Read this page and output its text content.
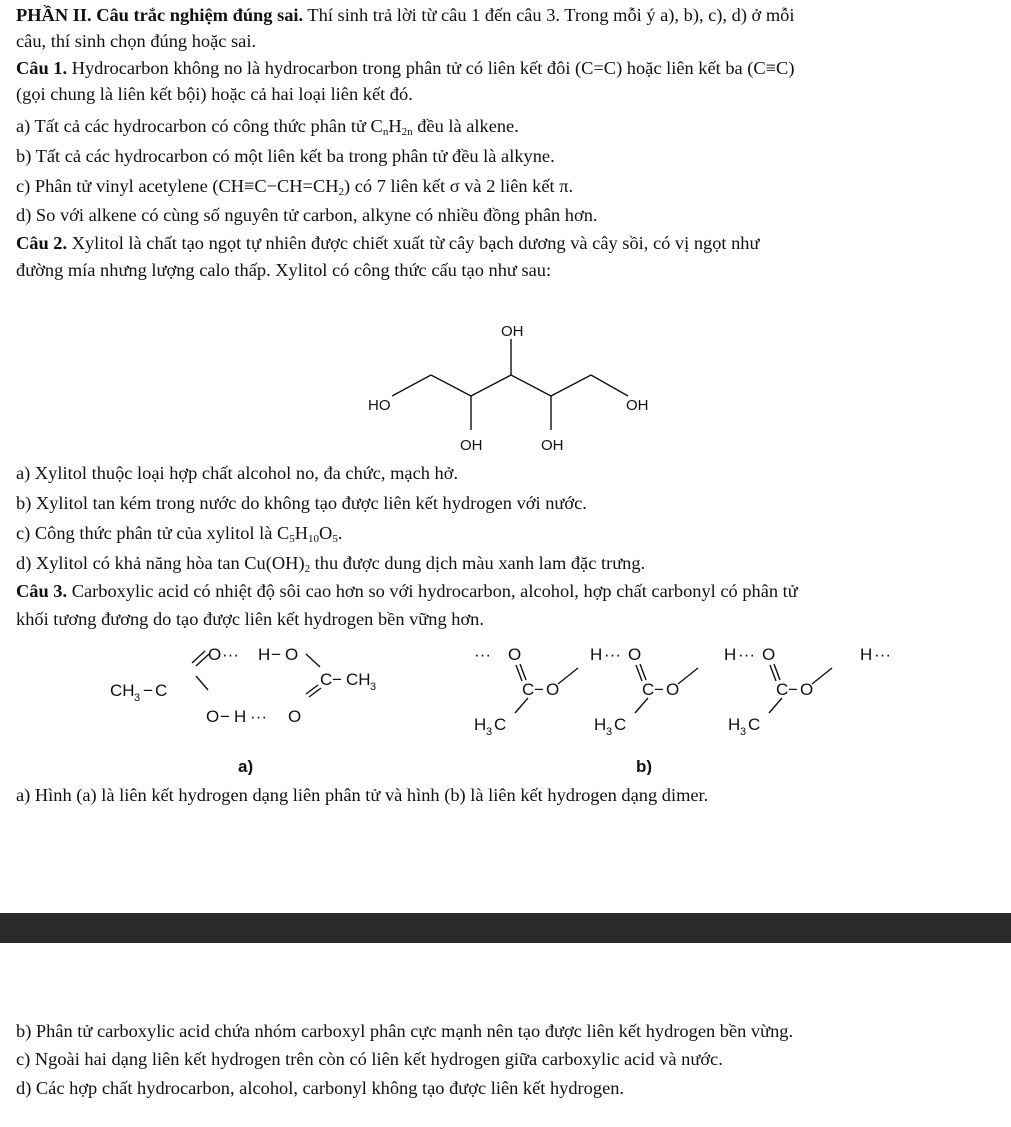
PHẦN II. Câu trắc nghiệm đúng sai. Thí sinh trả lời từ câu 1 đến câu 3. Trong mỗi ý a), b), c), d) ở mỗi
câu, thí sinh chọn đúng hoặc sai.
Câu 1. Hydrocarbon không no là hydrocarbon trong phân tử có liên kết đôi (C=C) hoặc liên kết ba (C≡C)
(gọi chung là liên kết bội) hoặc cả hai loại liên kết đó.
a) Tất cả các hydrocarbon có công thức phân tử $C_nH_{2n}$ đều là alkene.
b) Tất cả các hydrocarbon có một liên kết ba trong phân tử đều là alkyne.
c) Phân tử vinyl acetylene $(CH\equiv C-CH=CH_2)$ có 7 liên kết σ và 2 liên kết π.
d) So với alkene có cùng số nguyên tử carbon, alkyne có nhiều đồng phân hơn.
Câu 2. Xylitol là chất tạo ngọt tự nhiên được chiết xuất từ cây bạch dương và cây sồi, có vị ngọt như
đường mía nhưng lượng calo thấp. Xylitol có công thức cấu tạo như sau:
OH
HO	OH
OH	OH
a) Xylitol thuộc loại hợp chất alcohol no, đa chức, mạch hở.
b) Xylitol tan kém trong nước do không tạo được liên kết hydrogen với nước.
c) Công thức phân tử của xylitol là $C_5H_{10}O_5$.
d) Xylitol có khả năng hòa $\tan Cu(OH)_2$ thu được dung dịch màu xanh lam đặc trưng.
Câu 3. Carboxylic acid có nhiệt độ sôi cao hơn so với hydrocarbon, alcohol, hợp chất carbonyl có phân tử
khối tương đương do tạo được liên kết hydrogen bền vững hơn.
O ··· H − O
CH 3 − C
C − CH 3
O − H ··· O
a)
··· O
C − O
H ··· O
C − O
H ··· O
C − O
H ···
H 3 C	H 3 C	H 3 C
b)
a) Hình (a) là liên kết hydrogen dạng liên phân tử và hình (b) là liên kết hydrogen dạng dimer.
b) Phân tử carboxylic acid chứa nhóm carboxyl phân cực mạnh nên tạo được liên kết hydrogen bền vừng.
c) Ngoài hai dạng liên kết hydrogen trên còn có liên kết hydrogen giữa carboxylic acid và nước.
d) Các hợp chất hydrocarbon, alcohol, carbonyl không tạo được liên kết hydrogen.
